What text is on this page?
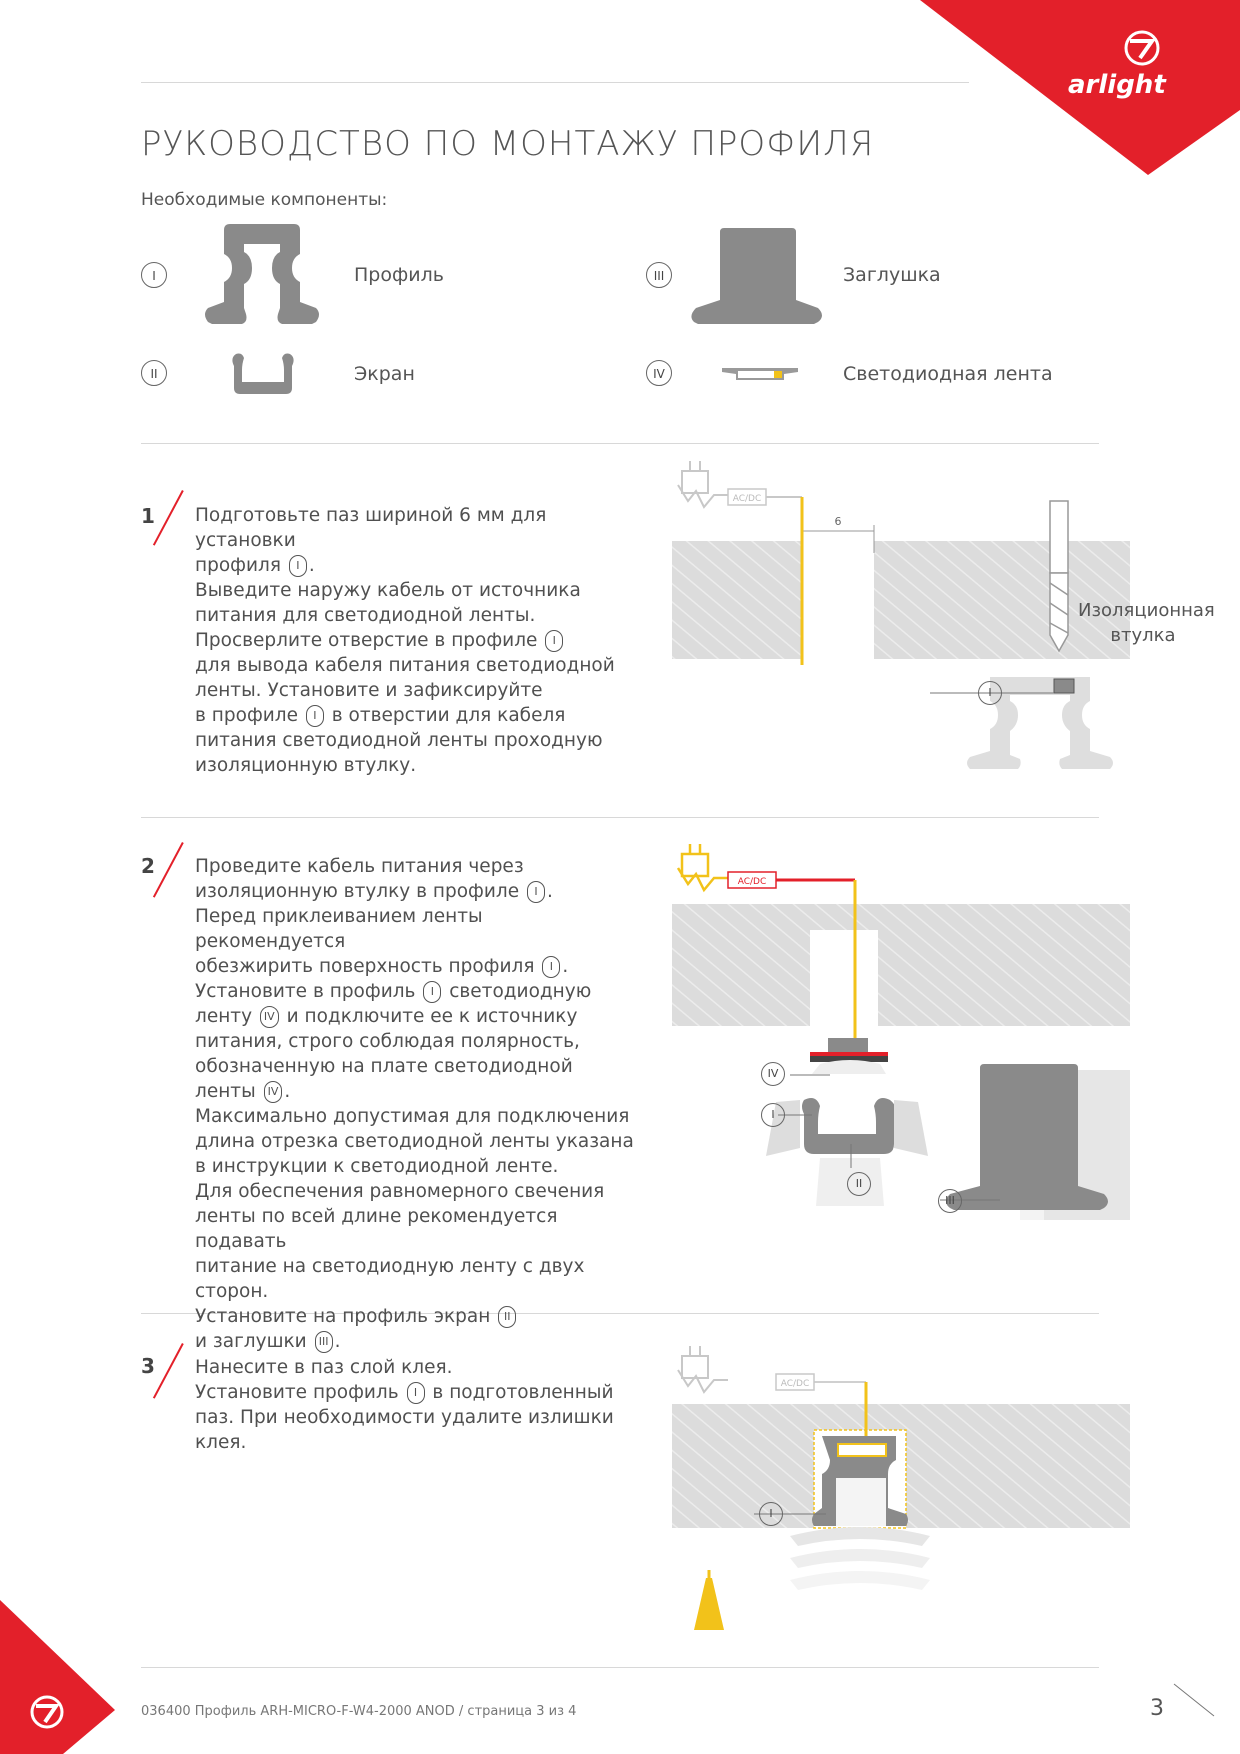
arlight
РУКОВОДСТВО ПО МОНТАЖУ ПРОФИЛЯ
Необходимые компоненты:
I	Профиль
II	Экран
III	Заглушка
IV	Светодиодная лента
1 Подготовьте паз шириной 6 мм для установки

профиля I .

Выведите наружу кабель от источника

питания для светодиодной ленты.

Просверлите отверстие в профиле I

для вывода кабеля питания светодиодной

ленты. Установите и зафиксируйте

в профиле I в отверстии для кабеля

питания светодиодной ленты проходную

изоляционную втулку.

AC/DC
6
I
Изоляционная втулка
2 Проведите кабель питания через

изоляционную втулку в профиле I .

Перед приклеиванием ленты рекомендуется

обезжирить поверхность профиля I .

Установите в профиль I светодиодную

ленту IV и подключите ее к источнику

питания, строго соблюдая полярность,

обозначенную на плате светодиодной

ленты IV .

Максимально допустимая для подключения

длина отрезка светодиодной ленты указана

в инструкции к светодиодной ленте.

Для обеспечения равномерного свечения

ленты по всей длине рекомендуется подавать

питание на светодиодную ленту с двух сторон.

Установите на профиль экран II

и заглушки III .

AC/DC
IV
I
II
III
3 Нанесите в паз слой клея.

Установите профиль I в подготовленный

паз. При необходимости удалите излишки

клея.

AC/DC
I
036400 Профиль ARH-MICRO-F-W4-2000 ANOD / страница 3 из 4	3
